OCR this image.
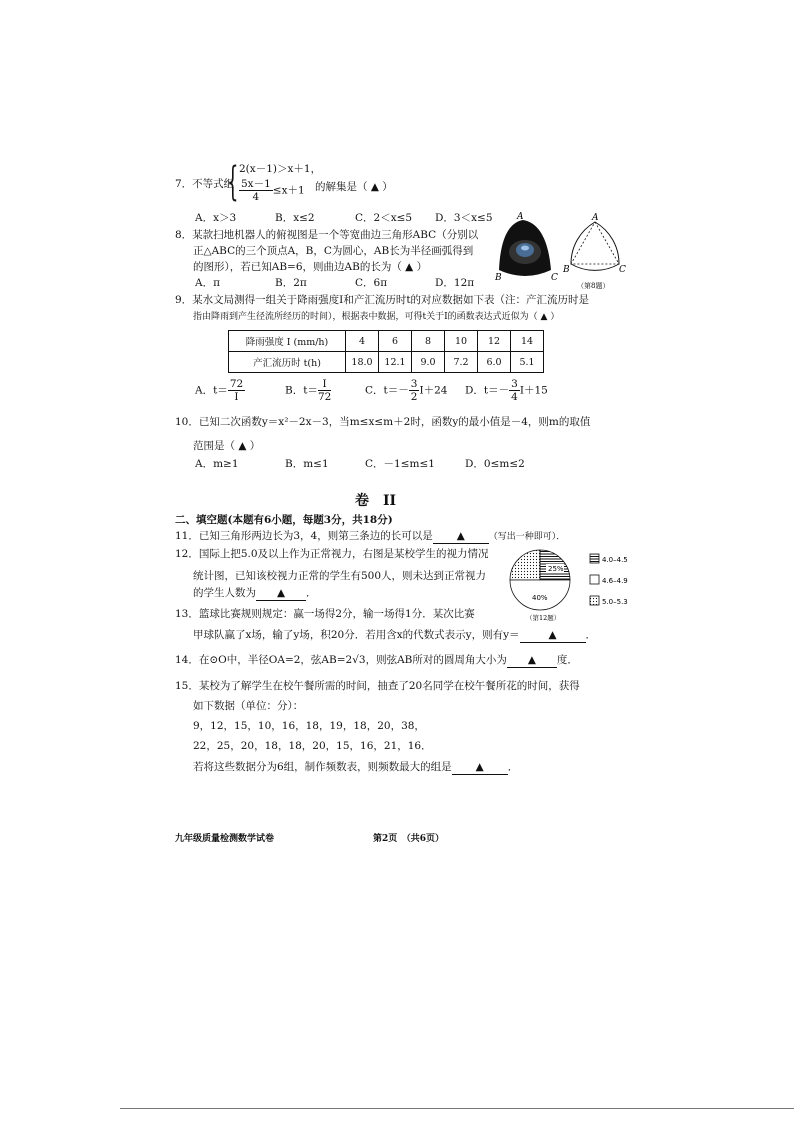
7．不等式组
{ 2(x－1)＞x＋1，
$\frac{5x-1}{4} \le x+1$ 的解集是（ ▲ ）
A．x＞3	B．x≤2	C．2＜x≤5 D．3＜x≤5
8．某款扫地机器人的俯视图是一个等宽曲边三角形ABC（分别以
正△ABC的三个顶点A，B，C为圆心，AB长为半径画弧得到
的图形），若已知AB=6，则曲边AB的长为（ ▲ ）
A．π	B．2π	C．6π	D．12π
A
B	C
A
B	C
（第8题）
9．某水文局测得一组关于降雨强度I和产汇流历时t的对应数据如下表（注：产汇流历时是
指由降雨到产生径流所经历的时间），根据表中数据，可得t关于I的函数表达式近似为（ ▲ ）
降雨强度 I (mm/h)	4	6	8	10	12	14
产汇流历时 t(h)	18.0	12.1	9.0	7.2	6.0	5.1
A．$t= \frac{72}{I}$	B．$t= \frac{I}{72}$	C．$t=- \frac{3}{2} I+24$ D．$t=- \frac{3}{4} I+15$
10．已知二次函数y＝x²－2x－3，当m≤x≤m＋2时，函数y的最小值是－4，则m的取值
范围是（ ▲ ）
A．m≥1	B．m≤1	C．－1≤m≤1	D．0≤m≤2
卷　II
二、填空题(本题有6小题，每题3分，共18分)
11．已知三角形两边长为3，4，则第三条边的长可以是 ▲	（写出一种即可）．
12．国际上把5.0及以上作为正常视力，右图是某校学生的视力情况
统计图，已知该校视力正常的学生有500人，则未达到正常视力
的学生人数为 ▲ ．
25%
40%
4.0–4.5
4.6–4.9
5.0–5.3
（第12题）
13．篮球比赛规则规定：赢一场得2分，输一场得1分．某次比赛
甲球队赢了x场，输了y场，积20分．若用含x的代数式表示y，则有y＝	▲	．
14．在⊙O中，半径OA=2，弦AB=2√3，则弦AB所对的圆周角大小为 ▲ 度．
15．某校为了解学生在校午餐所需的时间，抽查了20名同学在校午餐所花的时间，获得
如下数据（单位：分）：
9，12，15，10，16，18，19，18，20，38，
22，25，20，18，18，20，15，16，21，16．
若将这些数据分为6组，制作频数表，则频数最大的组是 ▲ ．
九年级质量检测数学试卷	第2页　（共6页）
